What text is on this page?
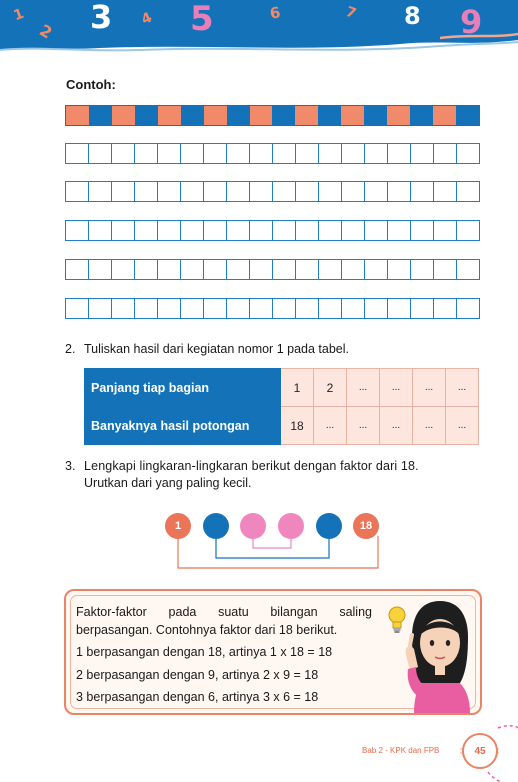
1
2 3 4 5	6	7 8 9
Contoh:
2. Tuliskan hasil dari kegiatan nomor 1 pada tabel.
Panjang tiap bagian	1	2	...	...	...	...
Banyaknya hasil potongan	18	...	...	...	...	...
3. Lengkapi lingkaran-lingkaran berikut dengan faktor dari 18.
Urutkan dari yang paling kecil.
1	18
Faktor-faktor pada suatu bilangan saling
berpasangan. Contohnya faktor dari 18 berikut.
1 berpasangan dengan 18, artinya 1 x 18 = 18
2 berpasangan dengan 9, artinya 2 x 9 = 18
3 berpasangan dengan 6, artinya 3 x 6 = 18
Bab 2 - KPK dan FPB	45
